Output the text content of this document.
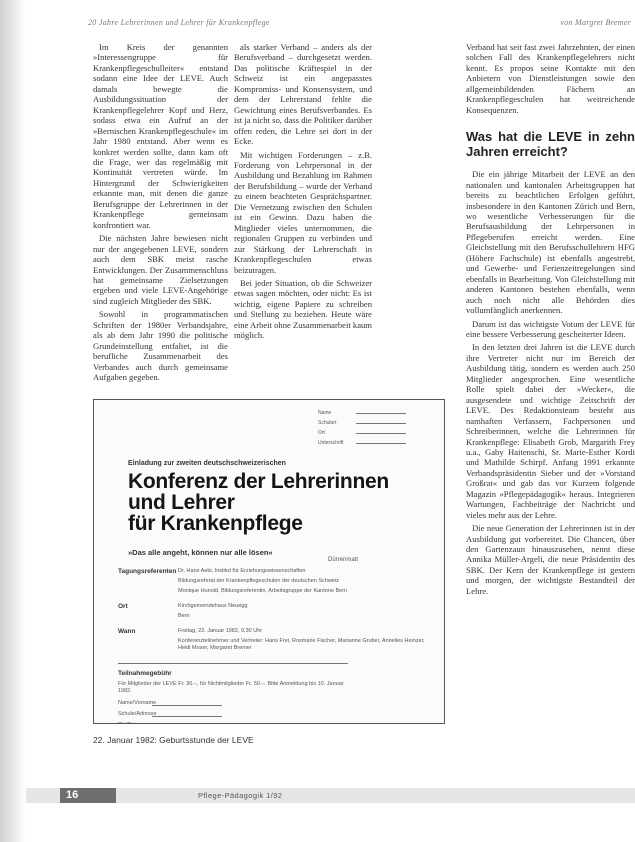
20 Jahre Lehrerinnen und Lehrer für Krankenpflege	von Margret Bremer

Im Kreis der genannten »Interessengruppe für Krankenpflegeschulleiter« entstand sodann eine Idee der LEVE. Auch damals bewegte die Ausbildungssituation der Krankenpflegelehrer Kopf und Herz, sodass etwa ein Aufruf an der »Bernischen Krankenpflegeschule« im Jahr 1980 entstand. Aber wenn es konkret werden sollte, dann kam oft die Frage, wer das regelmäßig mit Kontinuität vertreten würde. Im Hintergrund der Schwierigkeiten erkannte man, mit denen die ganze Berufsgruppe der Lehrerinnen in der Krankenpflege gemeinsam konfrontiert war.

Die nächsten Jahre bewiesen nicht nur der angegebenen LEVE, sondern auch dem SBK meist rasche Entwicklungen. Der Zusammenschluss hat gemeinsame Zielsetzungen ergeben und viele LEVE-Angehörige sind zugleich Mitglieder des SBK.

Sowohl in programmatischen Schriften der 1980er Verbandsjahre, als ab dem Jahr 1990 die politische Grundeinstellung entfaltet, ist die berufliche Zusammenarbeit des Verbandes auch durch gemeinsame Aufgaben gegeben.

als starker Verband – anders als der Berufsverband – durchgesetzt werden. Das politische Kräftespiel in der Schweiz ist ein angepasstes Kompromiss- und Konsensystem, und dem der Lehrerstand fehlte die Gewichtung eines Berufsverbandes. Es ist ja nicht so, dass die Politiker darüber offen reden, die Lehre sei dort in der Ecke.

Mit wichtigen Forderungen – z.B. Forderung von Lehrpersonal in der Ausbildung und Bezahlung im Rahmen der Berufsbildung – wurde der Verband zu einem beachteten Gesprächspartner. Die Vernetzung zwischen den Schulen ist ein Gewinn. Dazu haben die Mitglieder vieles unternommen, die regionalen Gruppen zu verbinden und zur Stärkung der Lehrerschaft in Krankenpflegeschulen etwas beizutragen.

Bei jeder Situation, ob die Schweizer etwas sagen möchten, oder nicht: Es ist wichtig, eigene Papiere zu schreiben und Stellung zu beziehen. Heute wäre eine Arbeit ohne Zusammenarbeit kaum möglich.

Verband hat seit fast zwei Jahrzehnten, der einen solchen Fall des Krankenpflegelehrers nicht kennt. Es propos seine Kontakte mit den Anbietern von Dienstleistungen sowie den allgemeinbildenden Fächern an Krankenpflegeschulen hat weitreichende Konsequenzen.

Was hat die LEVE in zehn Jahren erreicht?

Die ein jährige Mitarbeit der LEVE an den nationalen und kantonalen Arbeitsgruppen hat bereits zu beachtlichen Erfolgen geführt, insbesondere in den Kantonen Zürich und Bern, wo wesentliche Verbesserungen für die Berufsausbildung der Lehrpersonen in Pflegeberufen erreicht werden. Eine Gleichstellung mit den Berufsschullehrern HFG (Höhere Fachschule) ist ebenfalls angestrebt, und Gewerbe- und Ferienzeitregelungen sind ebenfalls in Bearbeitung. Von Gleichstellung mit anderen Kantonen bestehen ebenfalls, wenn auch noch nicht alle Behörden dies vollumfänglich anerkennen.

Darum ist das wichtigste Votum der LEVE für eine bessere Verbesserung gescheiterter Ideen.

In den letzten drei Jahren ist die LEVE durch ihre Vertreter nicht nur im Bereich der Ausbildung tätig, sondern es werden auch 250 Mitglieder angesprochen. Eine wesentliche Rolle spielt dabei der »Wecker«, die ausgesendete und wichtige Zeitschrift der LEVE. Des Redaktionsteam besteht aus namhaften Verfassern, Fachpersonen und Schreiberinnen, welche die Lehrerinnen für Krankenpflege: Elisabeth Grob, Margarith Frey u.a., Gaby Haitenschi, Sr. Marie-Esther Kordi und Mathilde Schirpf. Anfang 1991 erkannte Verbandspräsidentin Sieber und der »Vorstand Großrat« und gab das vor Kurzem folgende Magazin »Pflegepädagogik« heraus. Integrieren Wartungen, Fachbeiträge der Nachricht und vieles mehr aus der Lehre.

Die neue Generation der Lehrerinnen ist in der Ausbildung gut vorbereitet. Die Chancen, über den Gartenzaun hinauszusehen, nennt diese Annika Müller-Argeli, die neue Präsidentin des SBK. Der Kern der Krankenpflege ist gestern und morgen, der wichtigste Bestandteil der Lehre.

Name
Schulort
Ort
Unterschrift
Einladung zur zweiten deutschschweizerischen
Konferenz der Lehrerinnen
und Lehrer
für Krankenpflege
»Das alle angeht, können nur alle lösen«
Dürrenmatt
Tagungsreferenten Dr. Hans Aebi, Institut für Erziehungswissenschaften
Bildungsreferat der Krankenpflegeschulen der deutschen Schweiz
Monique Hunold, Bildungsreferentin, Arbeitsgruppe der Kantone Bern
Ort	Kirchgemeindehaus Neuegg
Bern
Wann	Freitag, 22. Januar 1982, 9.30 Uhr
Konferenzteilnehmer und Vertreter: Hans Frei, Rosmarie Fischer, Marianne Gruber, Annelies Heinzer, Heidi Moser, Margaret Bremer
Teilnahmegebühr
Für Mitglieder der LEVE Fr. 30.–, für Nichtmitglieder Fr. 50.–. Bitte Anmeldung bis 10. Januar 1982.
Name/Vorname
Schule/Adresse
22. Januar 1982: Geburtsstunde der LEVE
16	Pflege-Pädagogik 1/92
